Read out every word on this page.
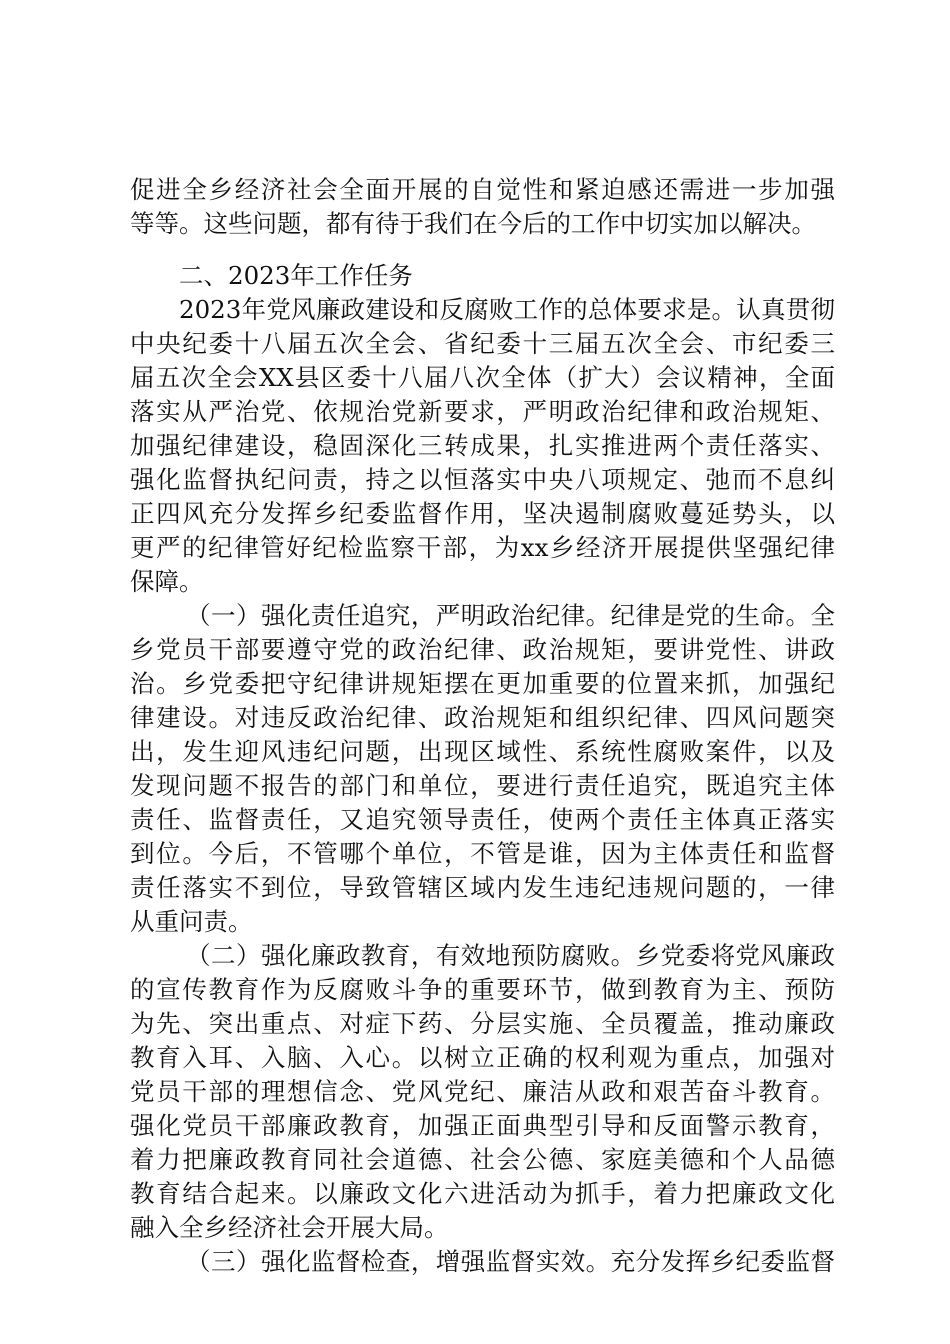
促进全乡经济社会全面开展的自觉性和紧迫感还需进一步加强
等等。这些问题，都有待于我们在今后的工作中切实加以解决。
二、2023年工作任务
2023年党风廉政建设和反腐败工作的总体要求是。认真贯彻
中央纪委十八届五次全会、省纪委十三届五次全会、市纪委三
届五次全会XX县区委十八届八次全体（扩大）会议精神，全面
落实从严治党、依规治党新要求，严明政治纪律和政治规矩、
加强纪律建设，稳固深化三转成果，扎实推进两个责任落实、
强化监督执纪问责，持之以恒落实中央八项规定、弛而不息纠
正四风充分发挥乡纪委监督作用，坚决遏制腐败蔓延势头，以
更严的纪律管好纪检监察干部，为xx乡经济开展提供坚强纪律
保障。
（一）强化责任追究，严明政治纪律。纪律是党的生命。全
乡党员干部要遵守党的政治纪律、政治规矩，要讲党性、讲政
治。乡党委把守纪律讲规矩摆在更加重要的位置来抓，加强纪
律建设。对违反政治纪律、政治规矩和组织纪律、四风问题突
出，发生迎风违纪问题，出现区域性、系统性腐败案件，以及
发现问题不报告的部门和单位，要进行责任追究，既追究主体
责任、监督责任，又追究领导责任，使两个责任主体真正落实
到位。今后，不管哪个单位，不管是谁，因为主体责任和监督
责任落实不到位，导致管辖区域内发生违纪违规问题的，一律
从重问责。
（二）强化廉政教育，有效地预防腐败。乡党委将党风廉政
的宣传教育作为反腐败斗争的重要环节，做到教育为主、预防
为先、突出重点、对症下药、分层实施、全员覆盖，推动廉政
教育入耳、入脑、入心。以树立正确的权利观为重点，加强对
党员干部的理想信念、党风党纪、廉洁从政和艰苦奋斗教育。
强化党员干部廉政教育，加强正面典型引导和反面警示教育，
着力把廉政教育同社会道德、社会公德、家庭美德和个人品德
教育结合起来。以廉政文化六进活动为抓手，着力把廉政文化
融入全乡经济社会开展大局。
（三）强化监督检查，增强监督实效。充分发挥乡纪委监督
